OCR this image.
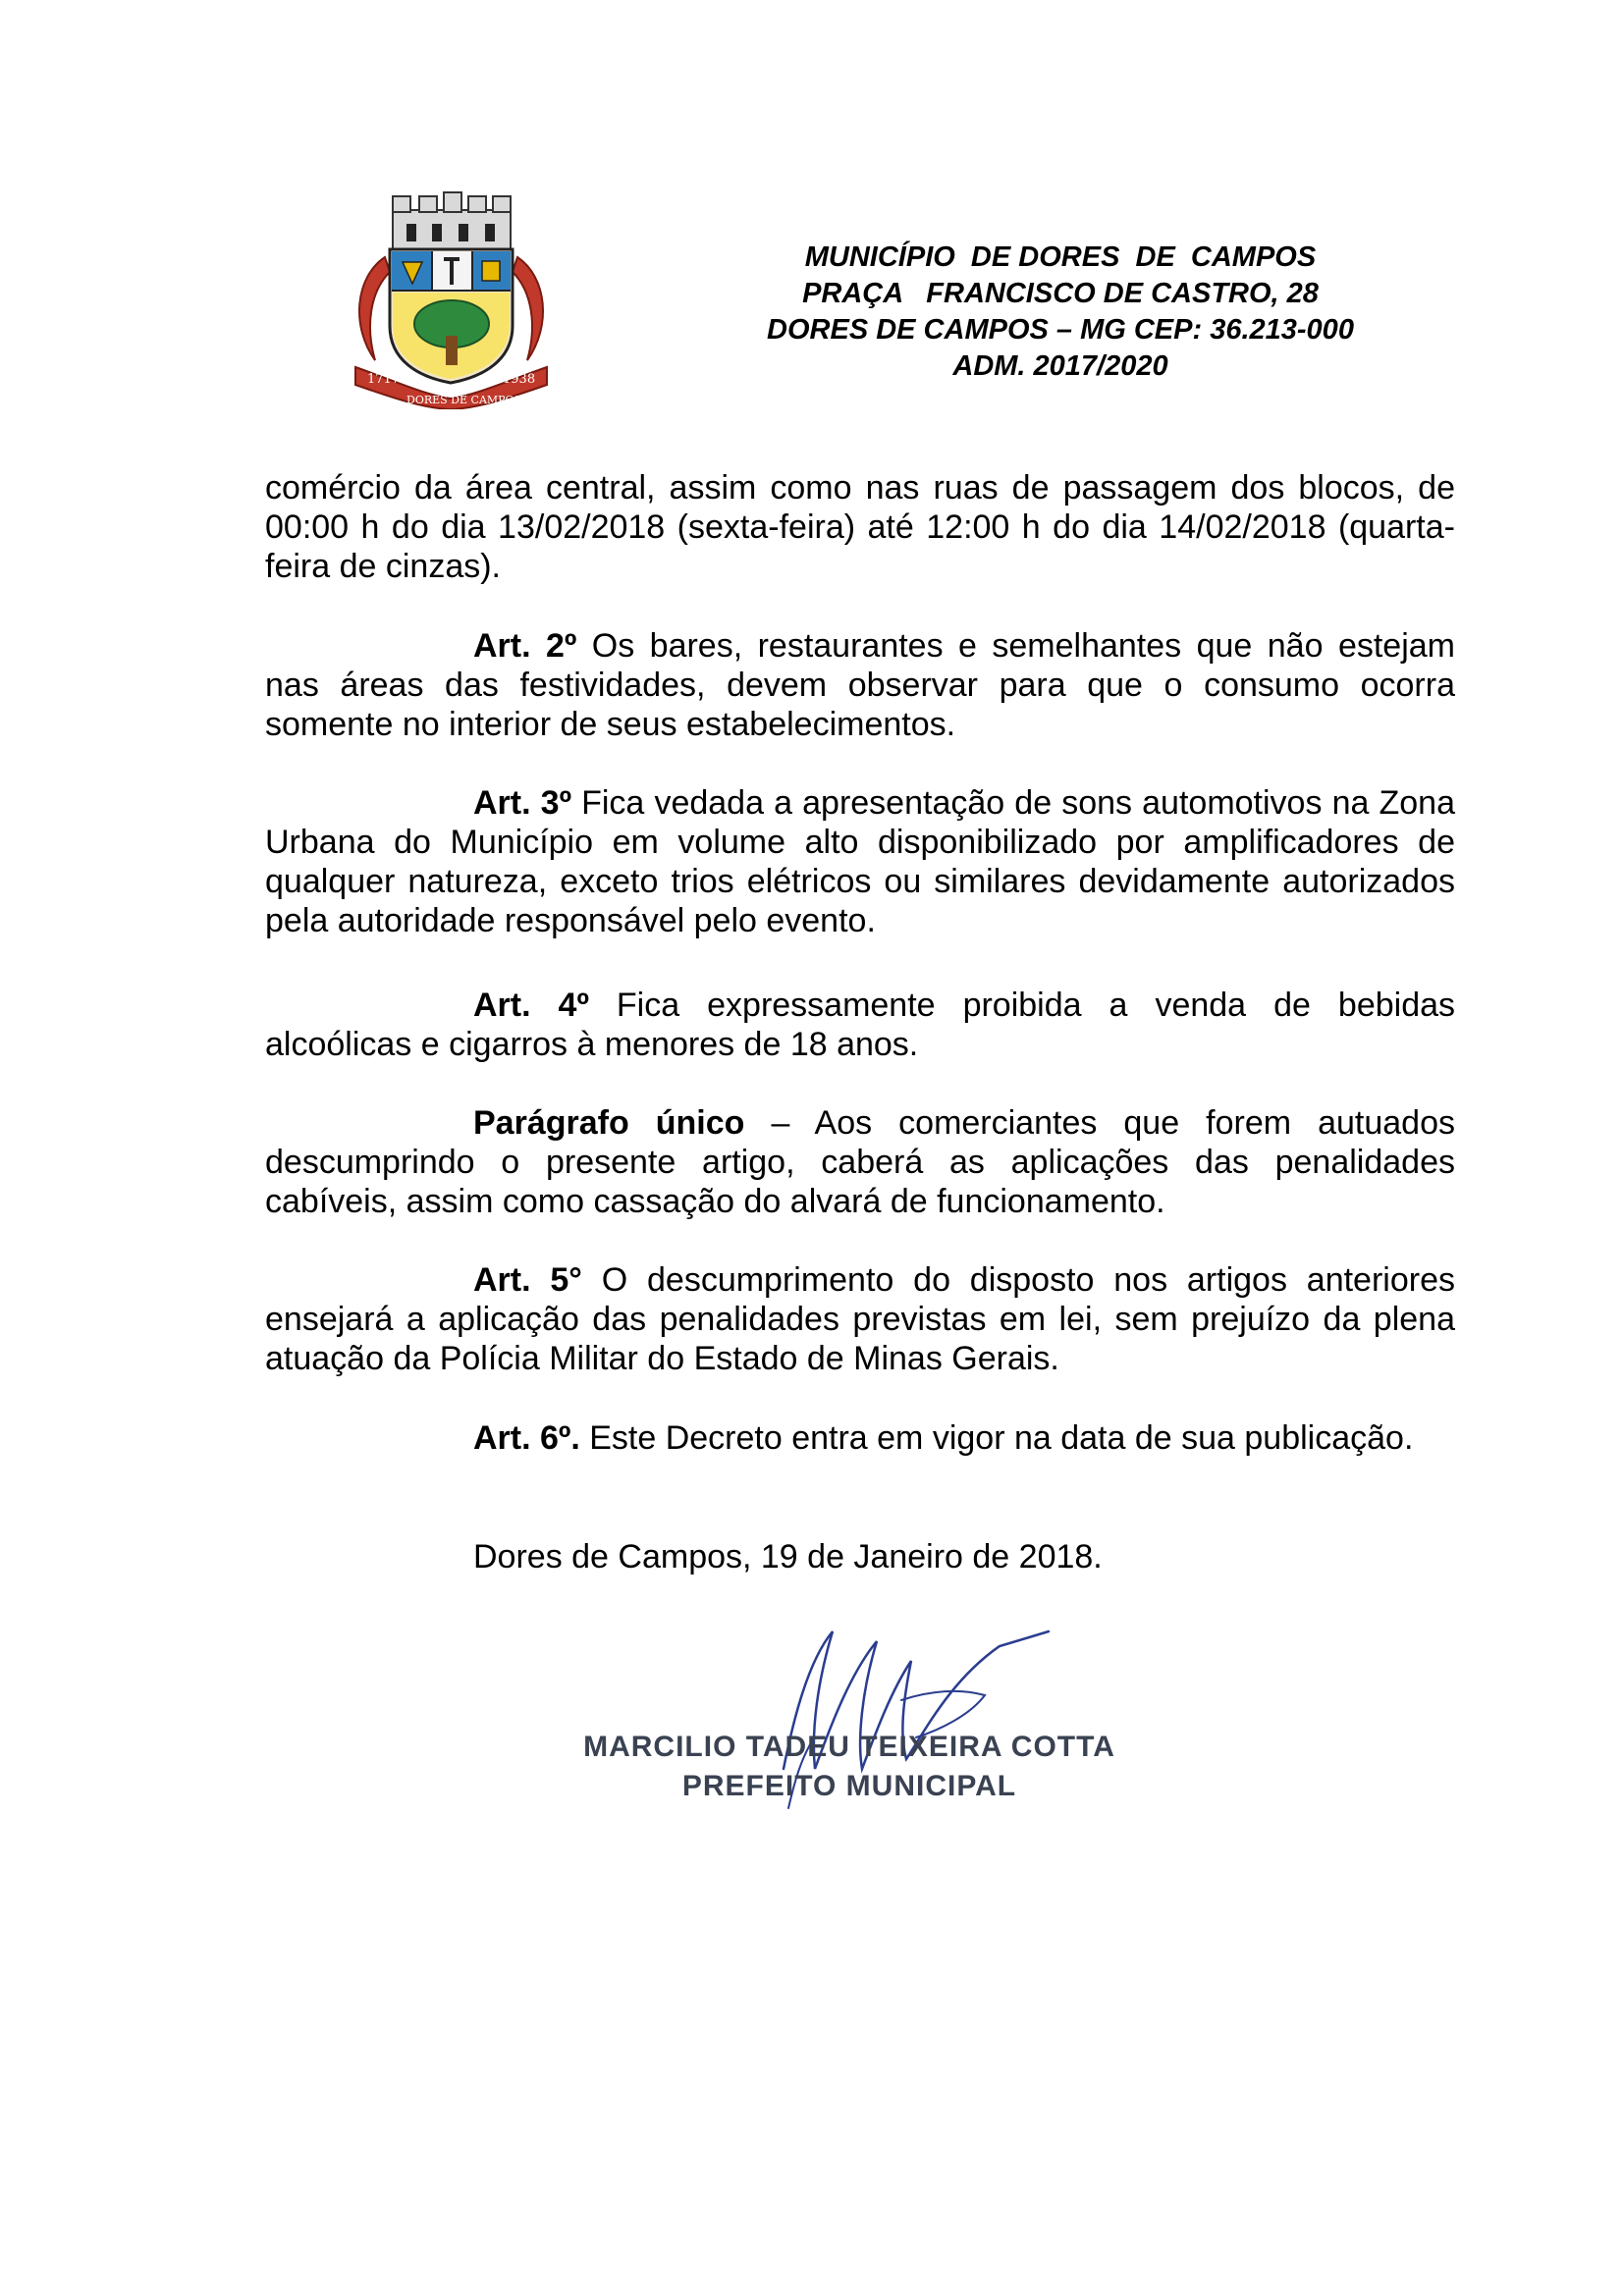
1717	1938
DORES DE CAMPOS
MUNICÍPIO  DE DORES  DE  CAMPOS
PRAÇA   FRANCISCO DE CASTRO, 28
DORES DE CAMPOS – MG CEP: 36.213-000
ADM. 2017/2020

comércio da área central, assim como nas ruas de passagem dos blocos, de 00:00 h do dia 13/02/2018 (sexta-feira) até 12:00 h do dia 14/02/2018 (quarta-feira de cinzas).

Art. 2º Os bares, restaurantes e semelhantes que não estejam nas áreas das festividades, devem observar para que o consumo ocorra somente no interior de seus estabelecimentos.

Art. 3º Fica vedada a apresentação de sons automotivos na Zona Urbana do Município em volume alto disponibilizado por amplificadores de qualquer natureza, exceto trios elétricos ou similares devidamente autorizados pela autoridade responsável pelo evento.

Art. 4º Fica expressamente proibida a venda de bebidas alcoólicas e cigarros à menores de 18 anos.

Parágrafo único – Aos comerciantes que forem autuados descumprindo o presente artigo, caberá as aplicações das penalidades cabíveis, assim como cassação do alvará de funcionamento.

Art. 5° O descumprimento do disposto nos artigos anteriores ensejará a aplicação das penalidades previstas em lei, sem prejuízo da plena atuação da Polícia Militar do Estado de Minas Gerais.

Art. 6º. Este Decreto entra em vigor na data de sua publicação.

Dores de Campos, 19 de Janeiro de 2018.

MARCILIO TADEU TEIXEIRA COTTA
PREFEITO MUNICIPAL
